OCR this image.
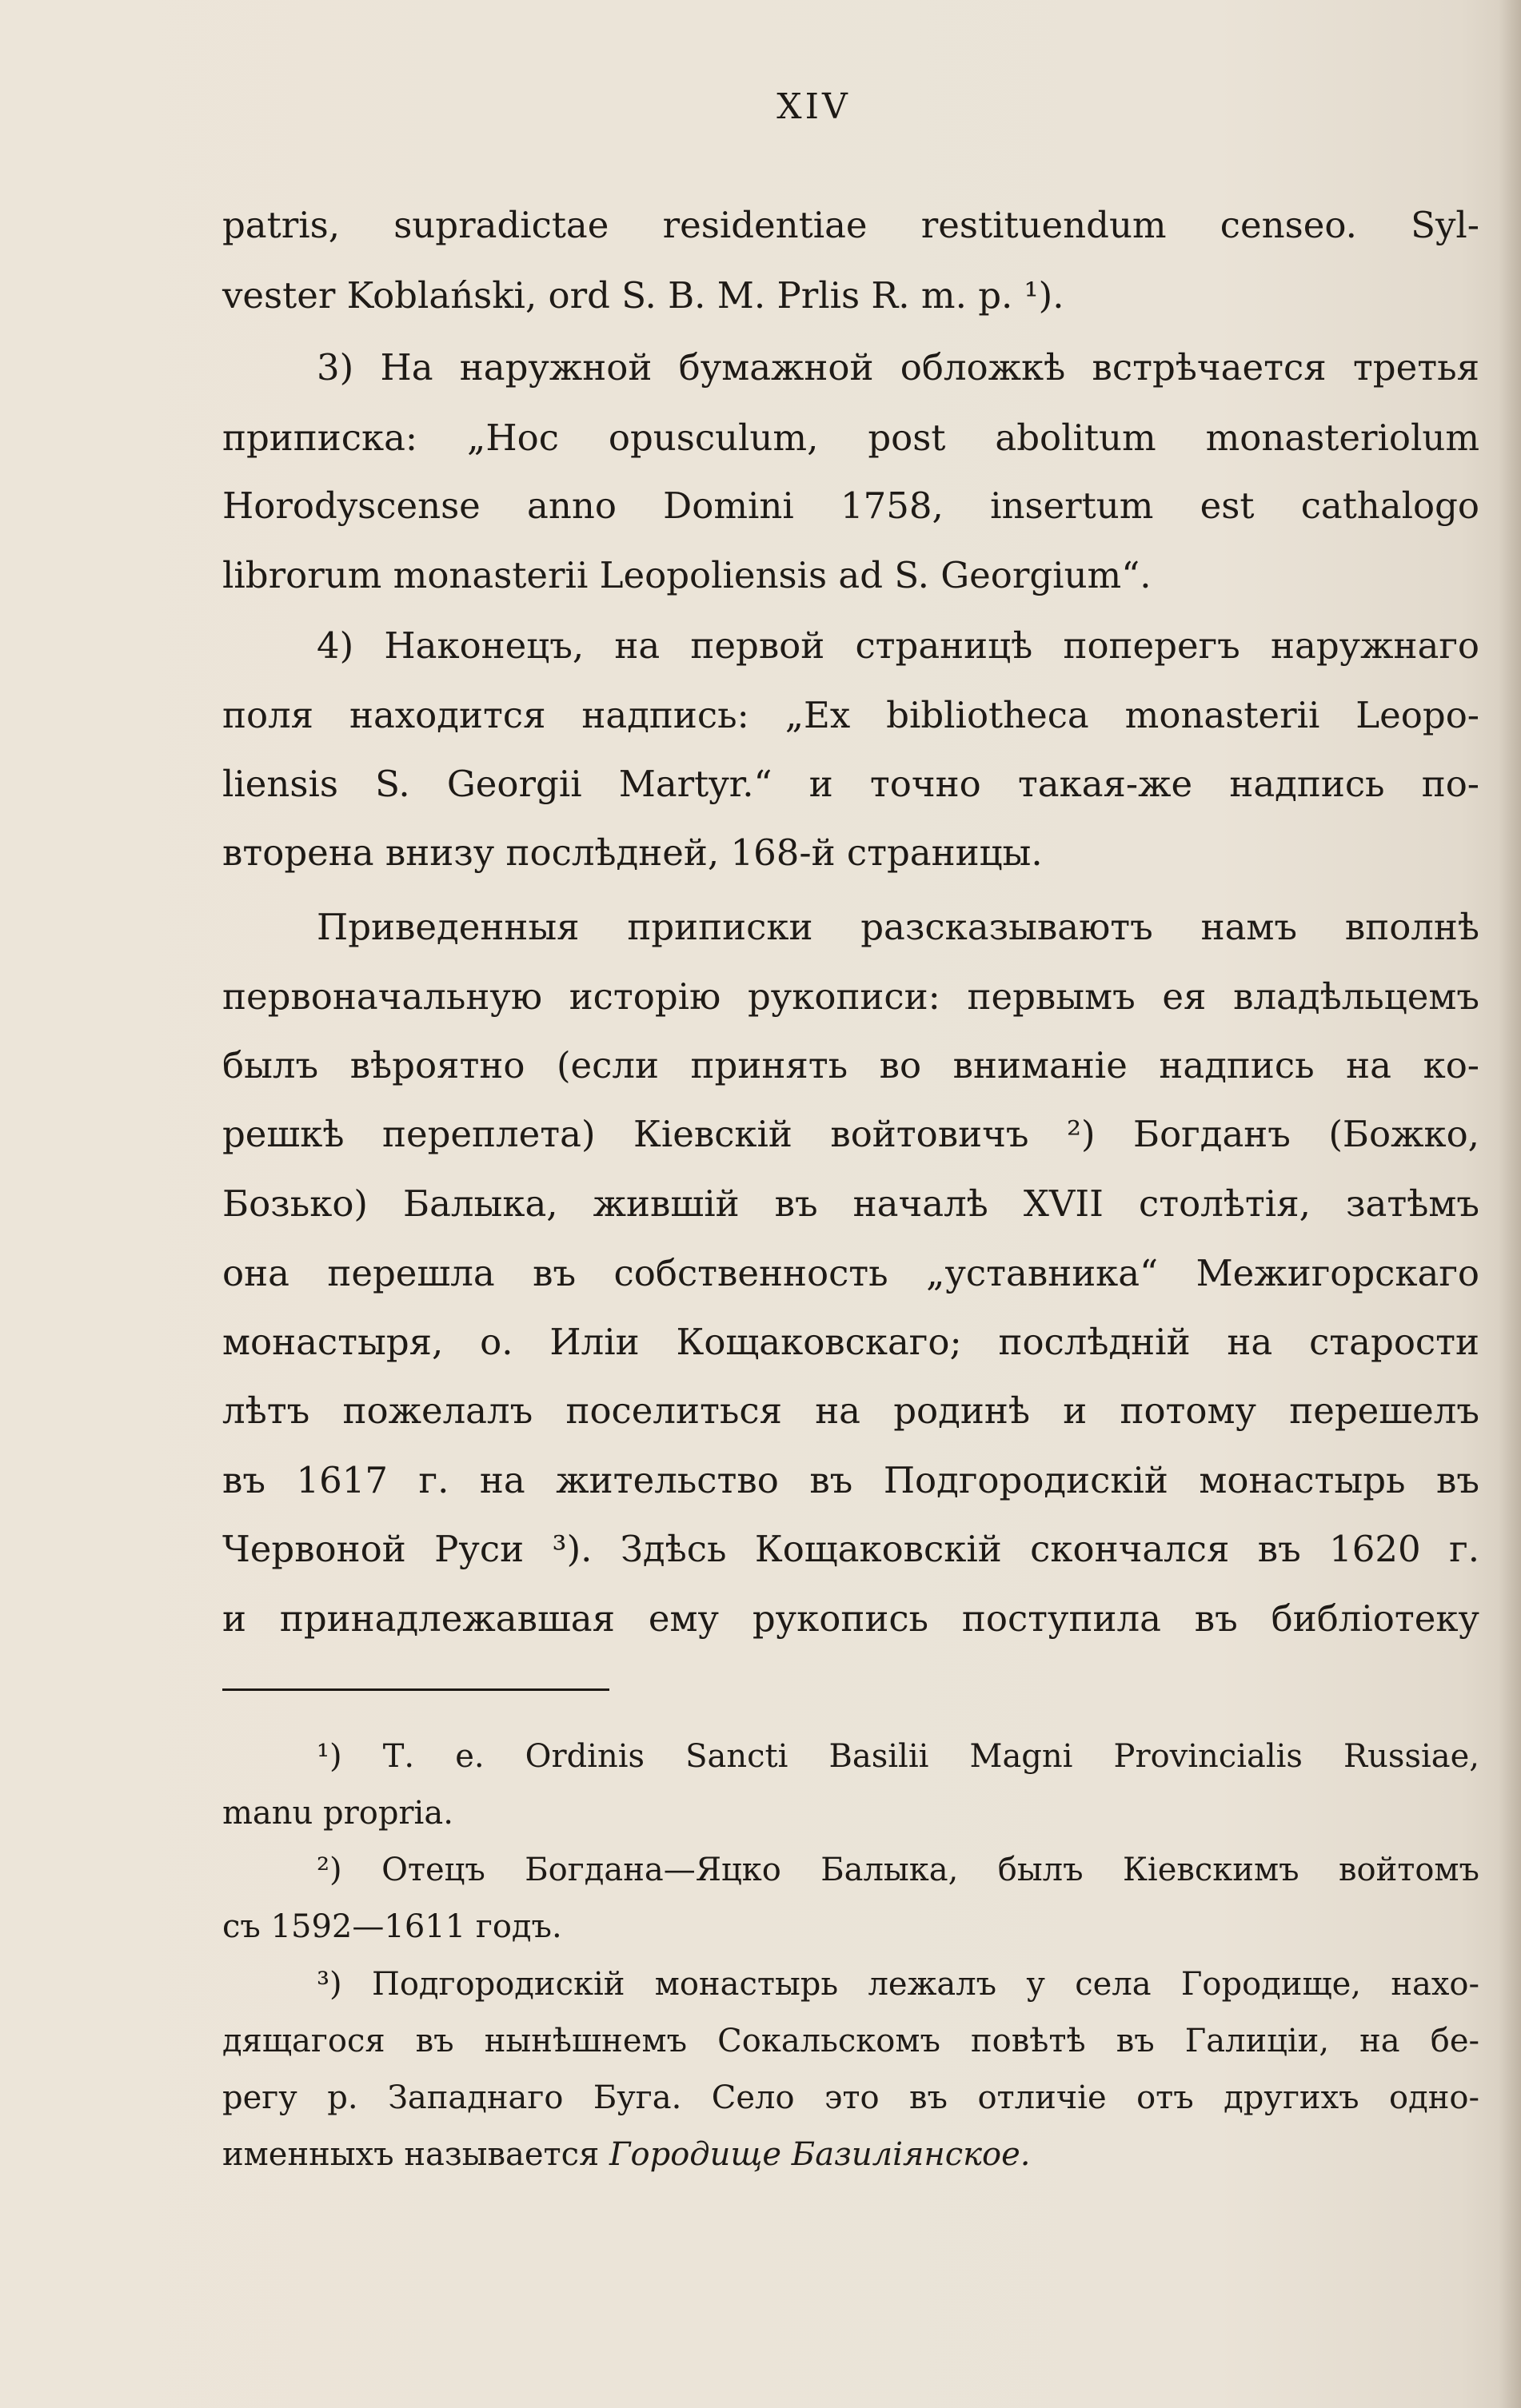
XIV
patris, supradictae residentiae restituendum censeo. Syl-
vester Koblański, ord S. B. M. Prlis R. m. p. ¹).
3) На наружной бумажной обложкѣ встрѣчается третья
приписка: „Hoc opusculum, post abolitum monasteriolum
Horodyscense anno Domini 1758, insertum est cathalogo
librorum monasterii Leopoliensis ad S. Georgium“.
4) Наконецъ, на первой страницѣ поперегъ наружнаго
поля находится надпись: „Ex bibliotheca monasterii Leopo-
liensis S. Georgii Martyr.“ и точно такая-же надпись по-
вторена внизу послѣдней, 168-й страницы.
Приведенныя приписки разсказываютъ намъ вполнѣ
первоначальную исторію рукописи: первымъ ея владѣльцемъ
былъ вѣроятно (если принять во вниманіе надпись на ко-
решкѣ переплета) Кіевскій войтовичъ ²) Богданъ (Божко,
Бозько) Балыка, жившій въ началѣ XVII столѣтія, затѣмъ
она перешла въ собственность „уставника“ Межигорскаго
монастыря, о. Иліи Кощаковскаго; послѣдній на старости
лѣтъ пожелалъ поселиться на родинѣ и потому перешелъ
въ 1617 г. на жительство въ Подгородискій монастырь въ
Червоной Руси ³). Здѣсь Кощаковскій скончался въ 1620 г.
и принадлежавшая ему рукопись поступила въ библіотеку
¹) Т. е. Ordinis Sancti Basilii Magni Provincialis Russiae,
manu propria.
²) Отецъ Богдана—Яцко Балыка, былъ Кіевскимъ войтомъ
съ 1592—1611 годъ.
³) Подгородискій монастырь лежалъ у села Городище, нахо-
дящагося въ нынѣшнемъ Сокальскомъ повѣтѣ въ Галиціи, на бе-
регу р. Западнаго Буга. Село это въ отличіе отъ другихъ одно-
именныхъ называется Городище Базиліянское.
